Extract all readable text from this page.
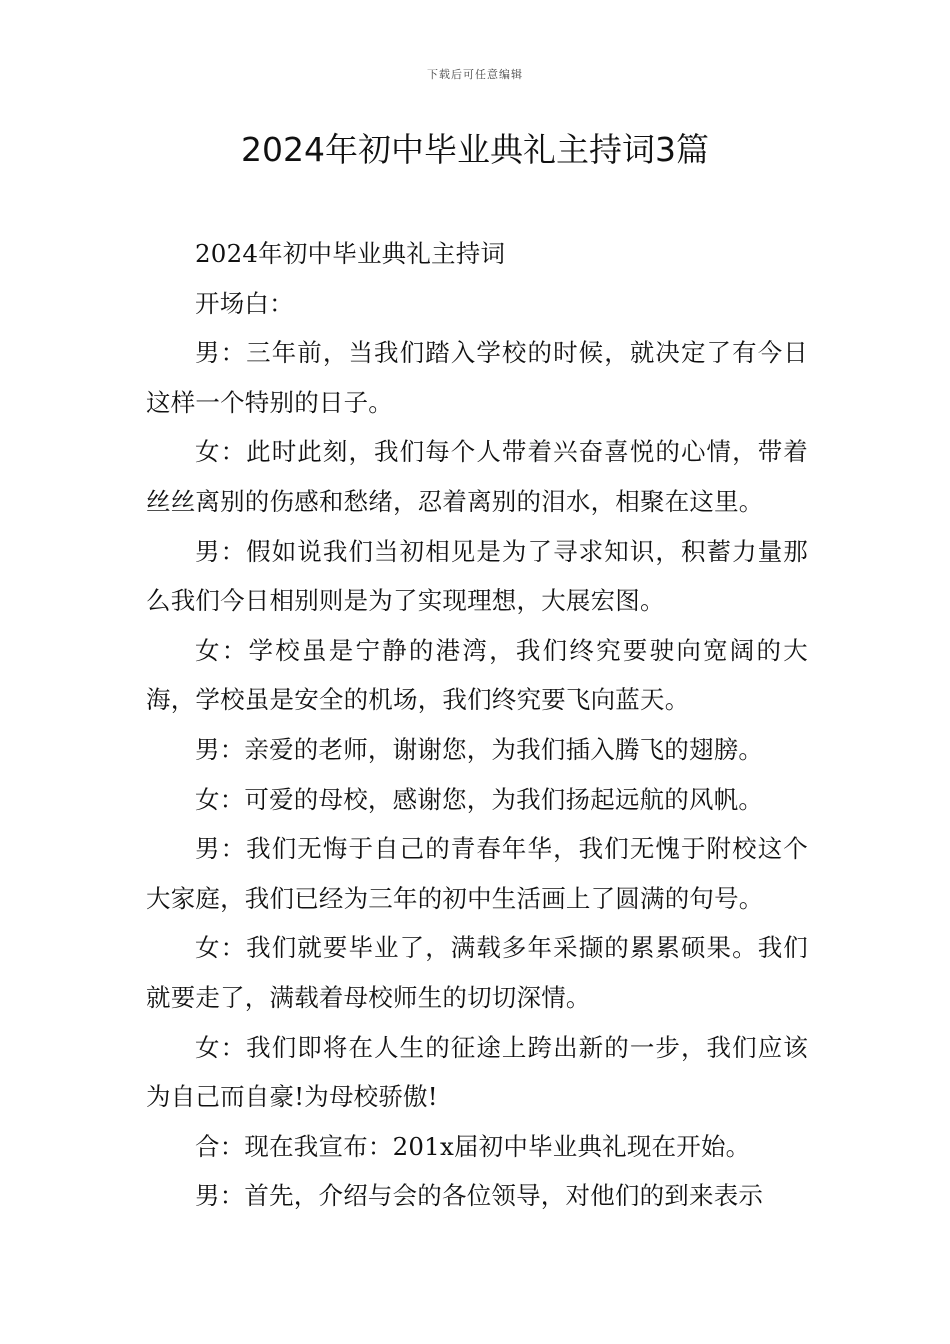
下载后可任意编辑
2024年初中毕业典礼主持词3篇

2024年初中毕业典礼主持词

开场白：

男：三年前，当我们踏入学校的时候，就决定了有今日这样一个特别的日子。

女：此时此刻，我们每个人带着兴奋喜悦的心情，带着丝丝离别的伤感和愁绪，忍着离别的泪水，相聚在这里。

男：假如说我们当初相见是为了寻求知识，积蓄力量那么我们今日相别则是为了实现理想，大展宏图。

女：学校虽是宁静的港湾，我们终究要驶向宽阔的大海，学校虽是安全的机场，我们终究要飞向蓝天。

男：亲爱的老师，谢谢您，为我们插入腾飞的翅膀。

女：可爱的母校，感谢您，为我们扬起远航的风帆。

男：我们无悔于自己的青春年华，我们无愧于附校这个大家庭，我们已经为三年的初中生活画上了圆满的句号。

女：我们就要毕业了，满载多年采撷的累累硕果。我们就要走了，满载着母校师生的切切深情。

女：我们即将在人生的征途上跨出新的一步，我们应该为自己而自豪!为母校骄傲!

合：现在我宣布：201x届初中毕业典礼现在开始。

男：首先，介绍与会的各位领导，对他们的到来表示
